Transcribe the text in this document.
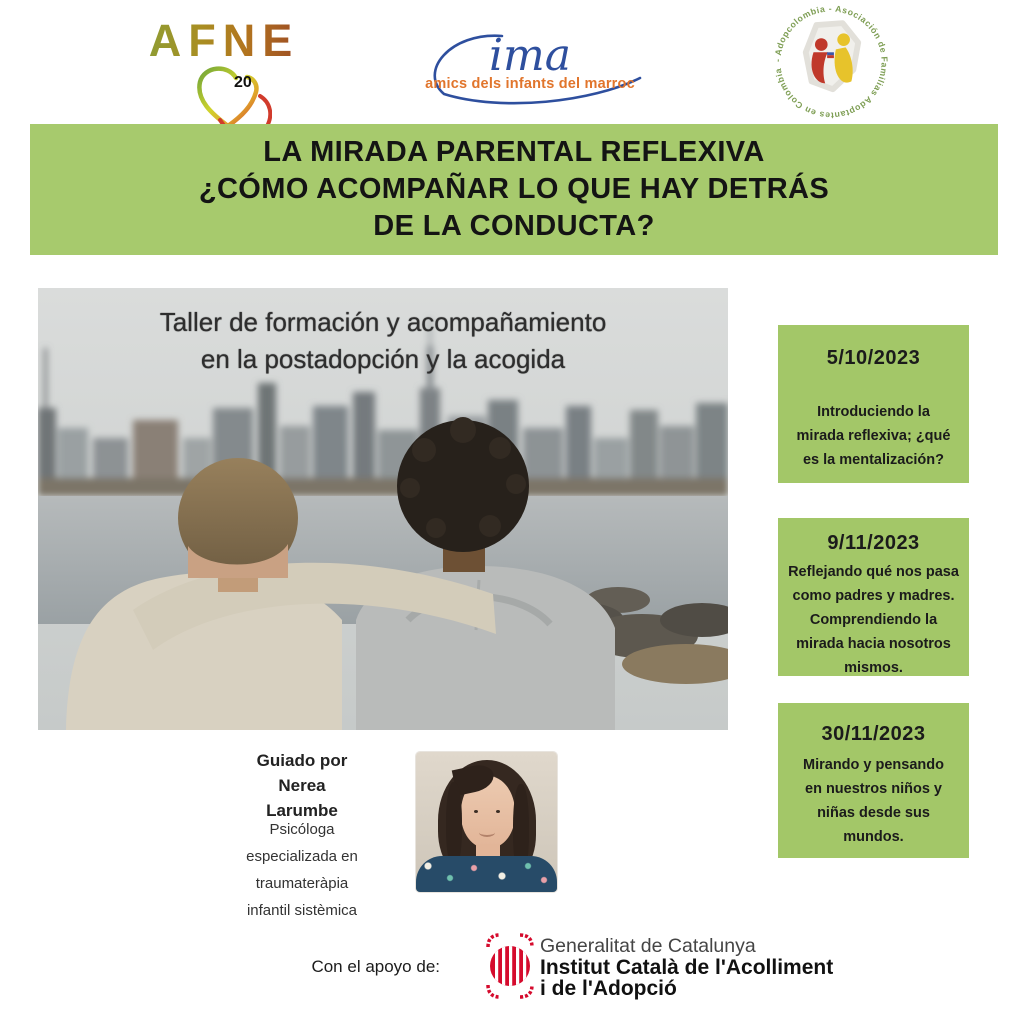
AFNE
20
ima
amics dels infants del marroc
- Adopcolombia - Asociación de Familias Adoptantes en Colombia
LA MIRADA PARENTAL REFLEXIVA
¿CÓMO ACOMPAÑAR LO QUE HAY DETRÁS
DE LA CONDUCTA?
Taller de formación y acompañamiento
en la postadopción y la acogida	5/10/2023
Introduciendo la
mirada reflexiva; ¿qué
es la mentalización?
9/11/2023
Reflejando qué nos pasa
como padres y madres.
Comprendiendo la
mirada hacia nosotros
mismos.
30/11/2023
Mirando y pensando
en nuestros niños y
niñas desde sus
mundos.
Guiado por
Nerea
Larumbe
Psicóloga
especializada en
traumateràpia
infantil sistèmica
Con el apoyo de:
Generalitat de Catalunya
Institut Català de l'Acolliment
i de l'Adopció
